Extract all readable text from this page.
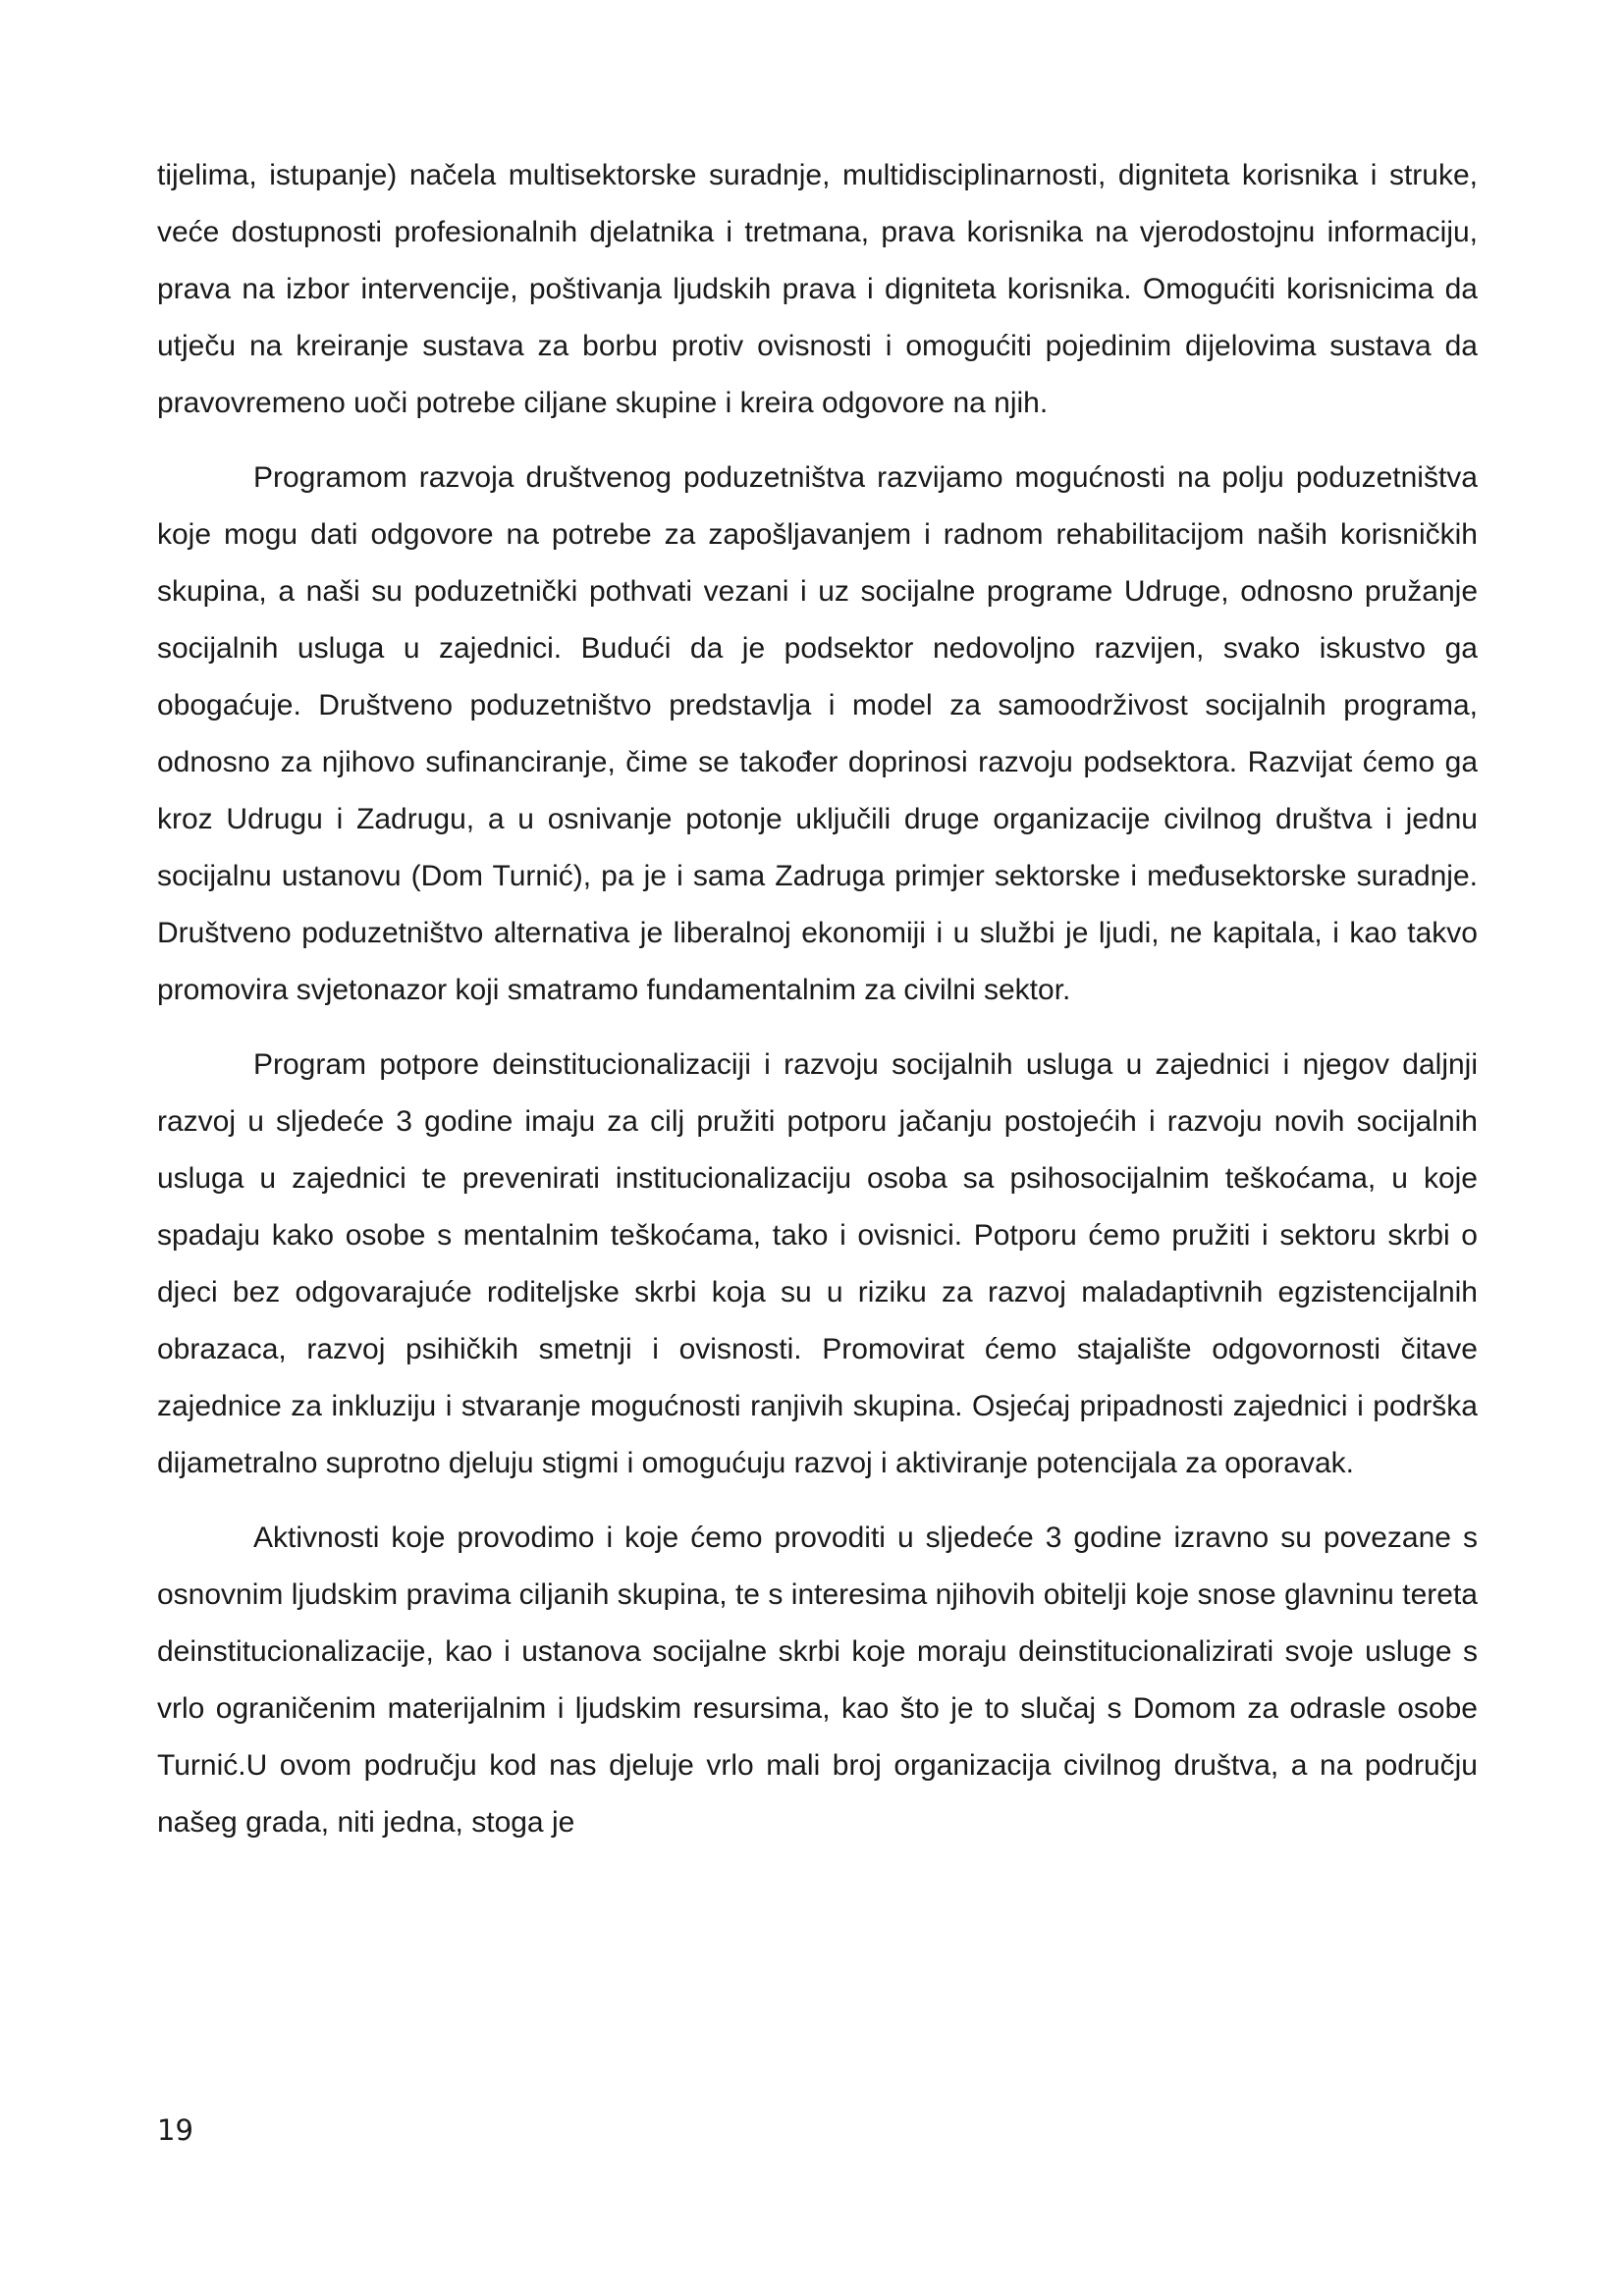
tijelima, istupanje) načela multisektorske suradnje, multidisciplinarnosti, digniteta korisnika i struke, veće dostupnosti profesionalnih djelatnika i tretmana, prava korisnika na vjerodostojnu informaciju, prava na izbor intervencije, poštivanja ljudskih prava i digniteta korisnika. Omogućiti korisnicima da utječu na kreiranje sustava za borbu protiv ovisnosti i omogućiti pojedinim dijelovima sustava da pravovremeno uoči potrebe ciljane skupine i kreira odgovore na njih.

Programom razvoja društvenog poduzetništva razvijamo mogućnosti na polju poduzetništva koje mogu dati odgovore na potrebe za zapošljavanjem i radnom rehabilitacijom naših korisničkih skupina, a naši su poduzetnički pothvati vezani i uz socijalne programe Udruge, odnosno pružanje socijalnih usluga u zajednici. Budući da je podsektor nedovoljno razvijen, svako iskustvo ga obogaćuje. Društveno poduzetništvo predstavlja i model za samoodrživost socijalnih programa, odnosno za njihovo sufinanciranje, čime se također doprinosi razvoju podsektora. Razvijat ćemo ga kroz Udrugu i Zadrugu, a u osnivanje potonje uključili druge organizacije civilnog društva i jednu socijalnu ustanovu (Dom Turnić), pa je i sama Zadruga primjer sektorske i međusektorske suradnje. Društveno poduzetništvo alternativa je liberalnoj ekonomiji i u službi je ljudi, ne kapitala, i kao takvo promovira svjetonazor koji smatramo fundamentalnim za civilni sektor.

Program potpore deinstitucionalizaciji i razvoju socijalnih usluga u zajednici i njegov daljnji razvoj u sljedeće 3 godine imaju za cilj pružiti potporu jačanju postojećih i razvoju novih socijalnih usluga u zajednici te prevenirati institucionalizaciju osoba sa psihosocijalnim teškoćama, u koje spadaju kako osobe s mentalnim teškoćama, tako i ovisnici. Potporu ćemo pružiti i sektoru skrbi o djeci bez odgovarajuće roditeljske skrbi koja su u riziku za razvoj maladaptivnih egzistencijalnih obrazaca, razvoj psihičkih smetnji i ovisnosti. Promovirat ćemo stajalište odgovornosti čitave zajednice za inkluziju i stvaranje mogućnosti ranjivih skupina. Osjećaj pripadnosti zajednici i podrška dijametralno suprotno djeluju stigmi i omogućuju razvoj i aktiviranje potencijala za oporavak.

Aktivnosti koje provodimo i koje ćemo provoditi u sljedeće 3 godine izravno su povezane s osnovnim ljudskim pravima ciljanih skupina, te s interesima njihovih obitelji koje snose glavninu tereta deinstitucionalizacije, kao i ustanova socijalne skrbi koje moraju deinstitucionalizirati svoje usluge s vrlo ograničenim materijalnim i ljudskim resursima, kao što je to slučaj s Domom za odrasle osobe Turnić.U ovom području kod nas djeluje vrlo mali broj organizacija civilnog društva, a na području našeg grada, niti jedna, stoga je

19
